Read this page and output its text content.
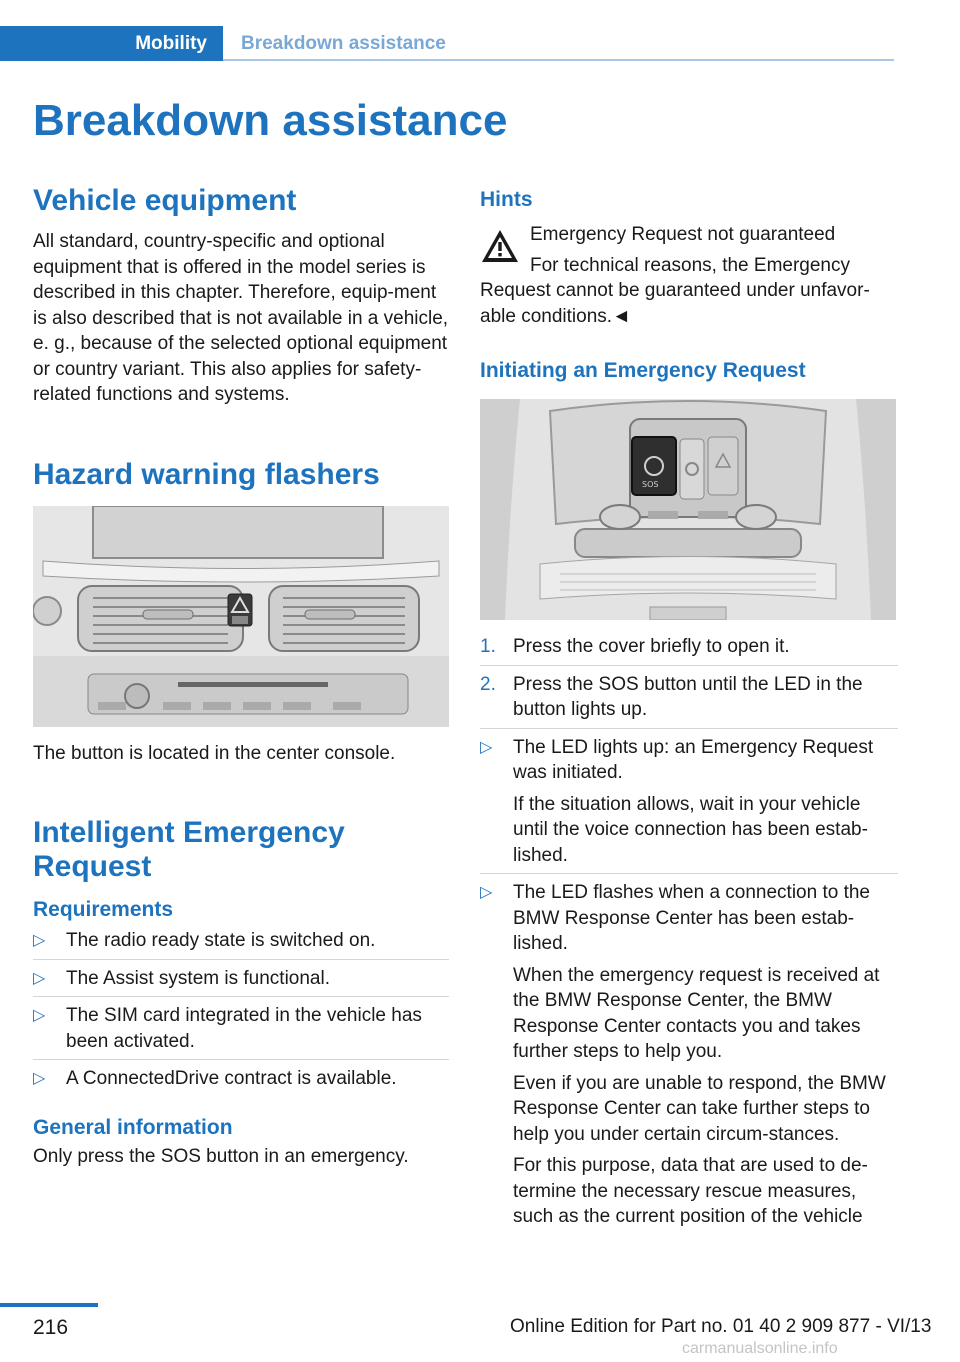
Mobility	Breakdown assistance
Breakdown assistance
Vehicle equipment

All standard, country-specific and optional equipment that is offered in the model series is described in this chapter. Therefore, equip-ment is also described that is not available in a vehicle, e. g., because of the selected optional equipment or country variant. This also applies for safety-related functions and systems.

Hazard warning flashers

The button is located in the center console.

Intelligent Emergency Request
Requirements
▷ The radio ready state is switched on.
▷ The Assist system is functional.
▷ The SIM card integrated in the vehicle has been activated.
▷ A ConnectedDrive contract is available.
General information

Only press the SOS button in an emergency.

Hints

Emergency Request not guaranteed

For technical reasons, the Emergency Request cannot be guaranteed under unfavor-able conditions.◄

Initiating an Emergency Request
SOS
1. Press the cover briefly to open it.
2. Press the SOS button until the LED in the button lights up.
▷ The LED lights up: an Emergency Request was initiated.
If the situation allows, wait in your vehicle until the voice connection has been estab-lished.
▷ The LED flashes when a connection to the BMW Response Center has been estab-lished.
When the emergency request is received at the BMW Response Center, the BMW Response Center contacts you and takes further steps to help you.
Even if you are unable to respond, the BMW Response Center can take further steps to help you under certain circum-stances.
For this purpose, data that are used to de-termine the necessary rescue measures, such as the current position of the vehicle
216	Online Edition for Part no. 01 40 2 909 877 - VI/13
carmanualsonline.info
